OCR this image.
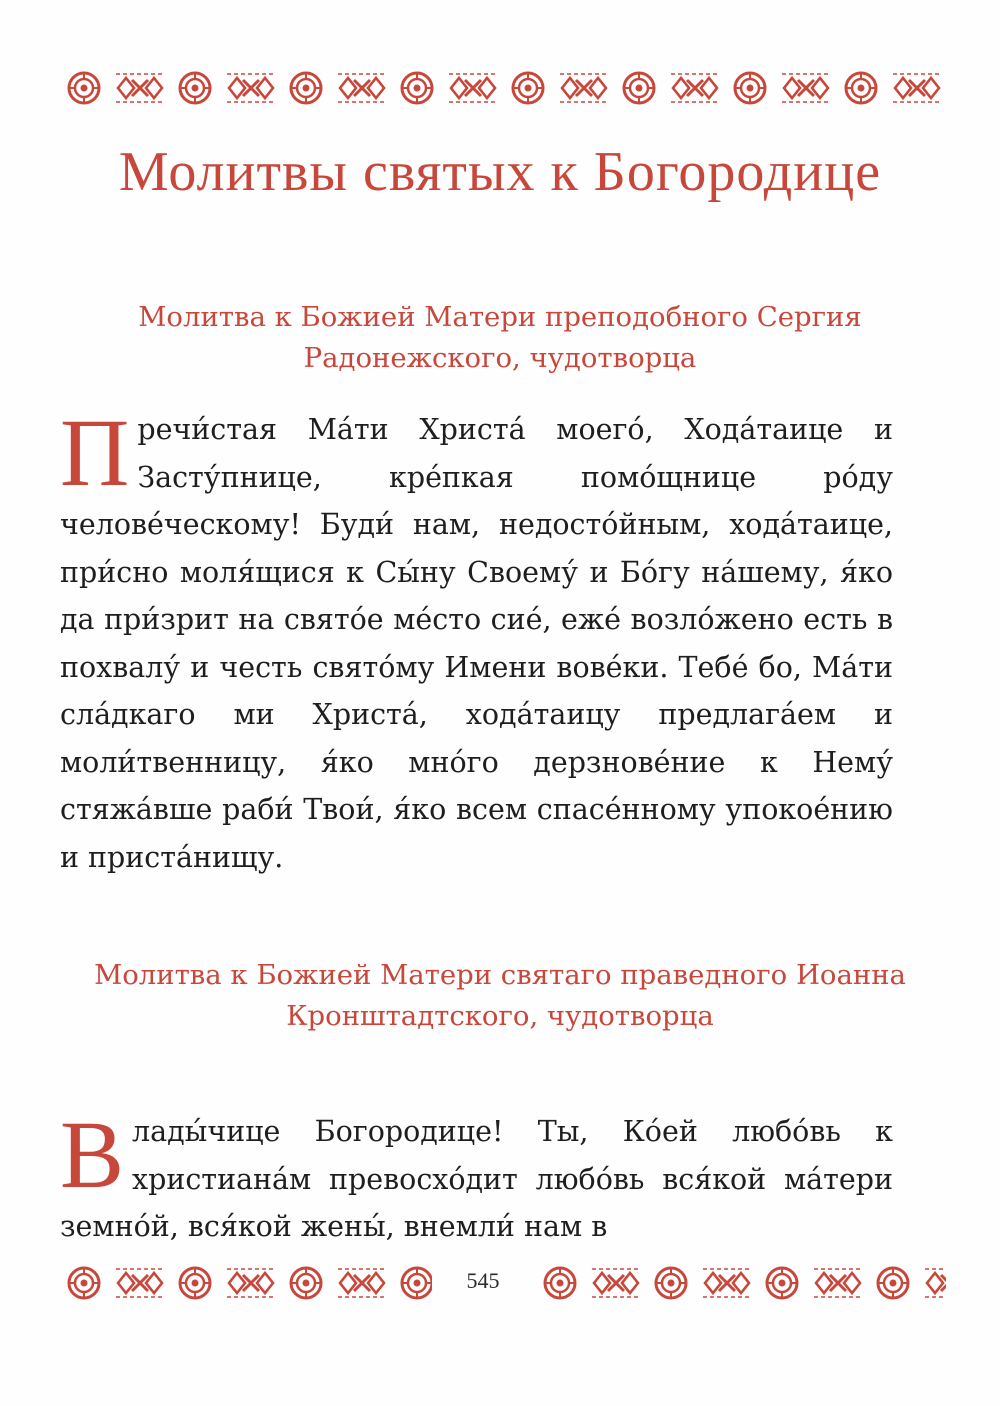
Молитвы святых к Богородице
Молитва к Божией Матери преподобного Сергия Радонежского, чудотворца

Пречи́стая Ма́ти Христа́ моего́, Хода́таице и Засту́пнице, кре́пкая помо́щнице ро́ду челове́ческому! Буди́ нам, недосто́йным, хода́таице, при́сно моля́щися к Сы́ну Своему́ и Бо́гу на́шему, я́ко да при́зрит на свято́е ме́сто сие́, еже́ возло́жено есть в похвалу́ и честь свято́му Имени вове́ки. Тебе́ бо, Ма́ти сла́дкаго ми Христа́, хода́таицу предлага́ем и моли́твенницу, я́ко мно́го дерзнове́ние к Нему́ стяжа́вше раби́ Твои́, я́ко всем спасе́нному упокое́нию и приста́нищу.

Молитва к Божией Матери святаго праведного Иоанна Кронштадтского, чудотворца

Влады́чице Богородице! Ты, Ко́ей любо́вь к христиана́м превосхо́дит любо́вь вся́кой ма́тери земно́й, вся́кой жены́, внемли́ нам в

545
